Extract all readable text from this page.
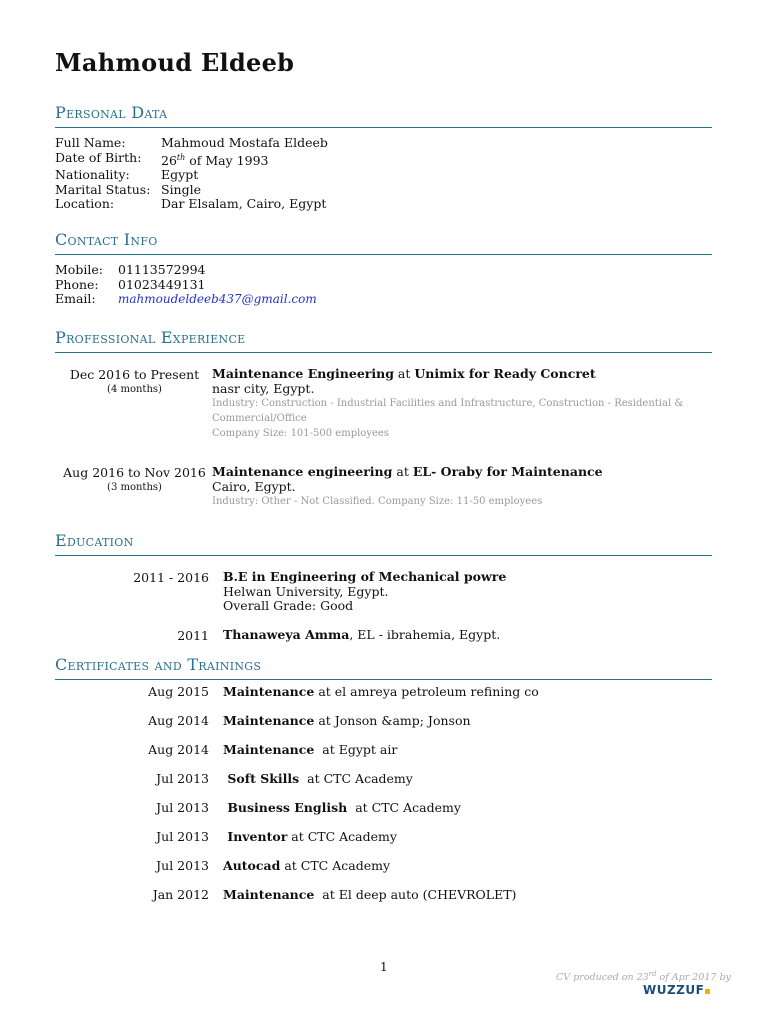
Mahmoud Eldeeb
Personal Data
Full Name:	Mahmoud Mostafa Eldeeb
Date of Birth:	26th of May 1993
Nationality:	Egypt
Marital Status: Single
Location:	Dar Elsalam, Cairo, Egypt
Contact Info
Mobile:	01113572994
Phone:	01023449131
Email:	mahmoudeldeeb437@gmail.com
Professional Experience
Dec 2016 to Present
(4 months)
Maintenance Engineering at Unimix for Ready Concret
nasr city, Egypt.
Industry: Construction - Industrial Facilities and Infrastructure, Construction - Residential &
Commercial/Office
Company Size: 101-500 employees
Aug 2016 to Nov 2016
(3 months)
Maintenance engineering at EL- Oraby for Maintenance
Cairo, Egypt.
Industry: Other - Not Classified. Company Size: 11-50 employees
Education
2011 - 2016 B.E in Engineering of Mechanical powre
Helwan University, Egypt.
Overall Grade: Good
2011 Thanaweya Amma, EL - ibrahemia, Egypt.
Certificates and Trainings
Aug 2015 Maintenance at el amreya petroleum refining co
Aug 2014 Maintenance at Jonson &amp; Jonson
Aug 2014 Maintenance  at Egypt air
Jul 2013 Soft Skills  at CTC Academy
Jul 2013 Business English  at CTC Academy
Jul 2013 Inventor at CTC Academy
Jul 2013 Autocad at CTC Academy
Jan 2012 Maintenance  at El deep auto (CHEVROLET)
1
CV produced on 23rd of Apr 2017 by
WUZZUF
